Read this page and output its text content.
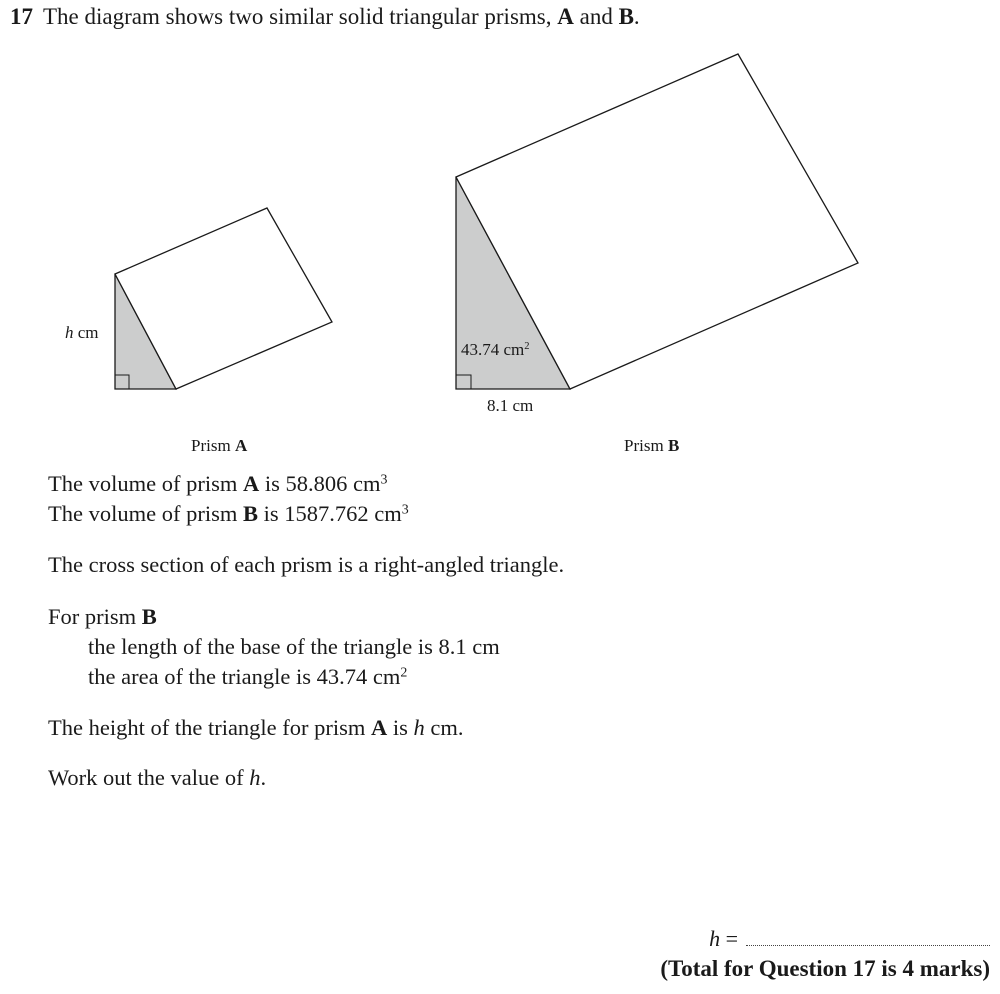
17 The diagram shows two similar solid triangular prisms, A and B.
h cm
Prism A
43.74 $cm^2$
8.1 cm
Prism B
The volume of prism A is 58.806 $cm^3$
The volume of prism B is 1587.762 $cm^3$
The cross section of each prism is a right-angled triangle.
For prism B
the length of the base of the triangle is 8.1 cm
the area of the triangle is 43.74 $cm^2$
The height of the triangle for prism A is h cm.
Work out the value of h.
h =
(Total for Question 17 is 4 marks)
